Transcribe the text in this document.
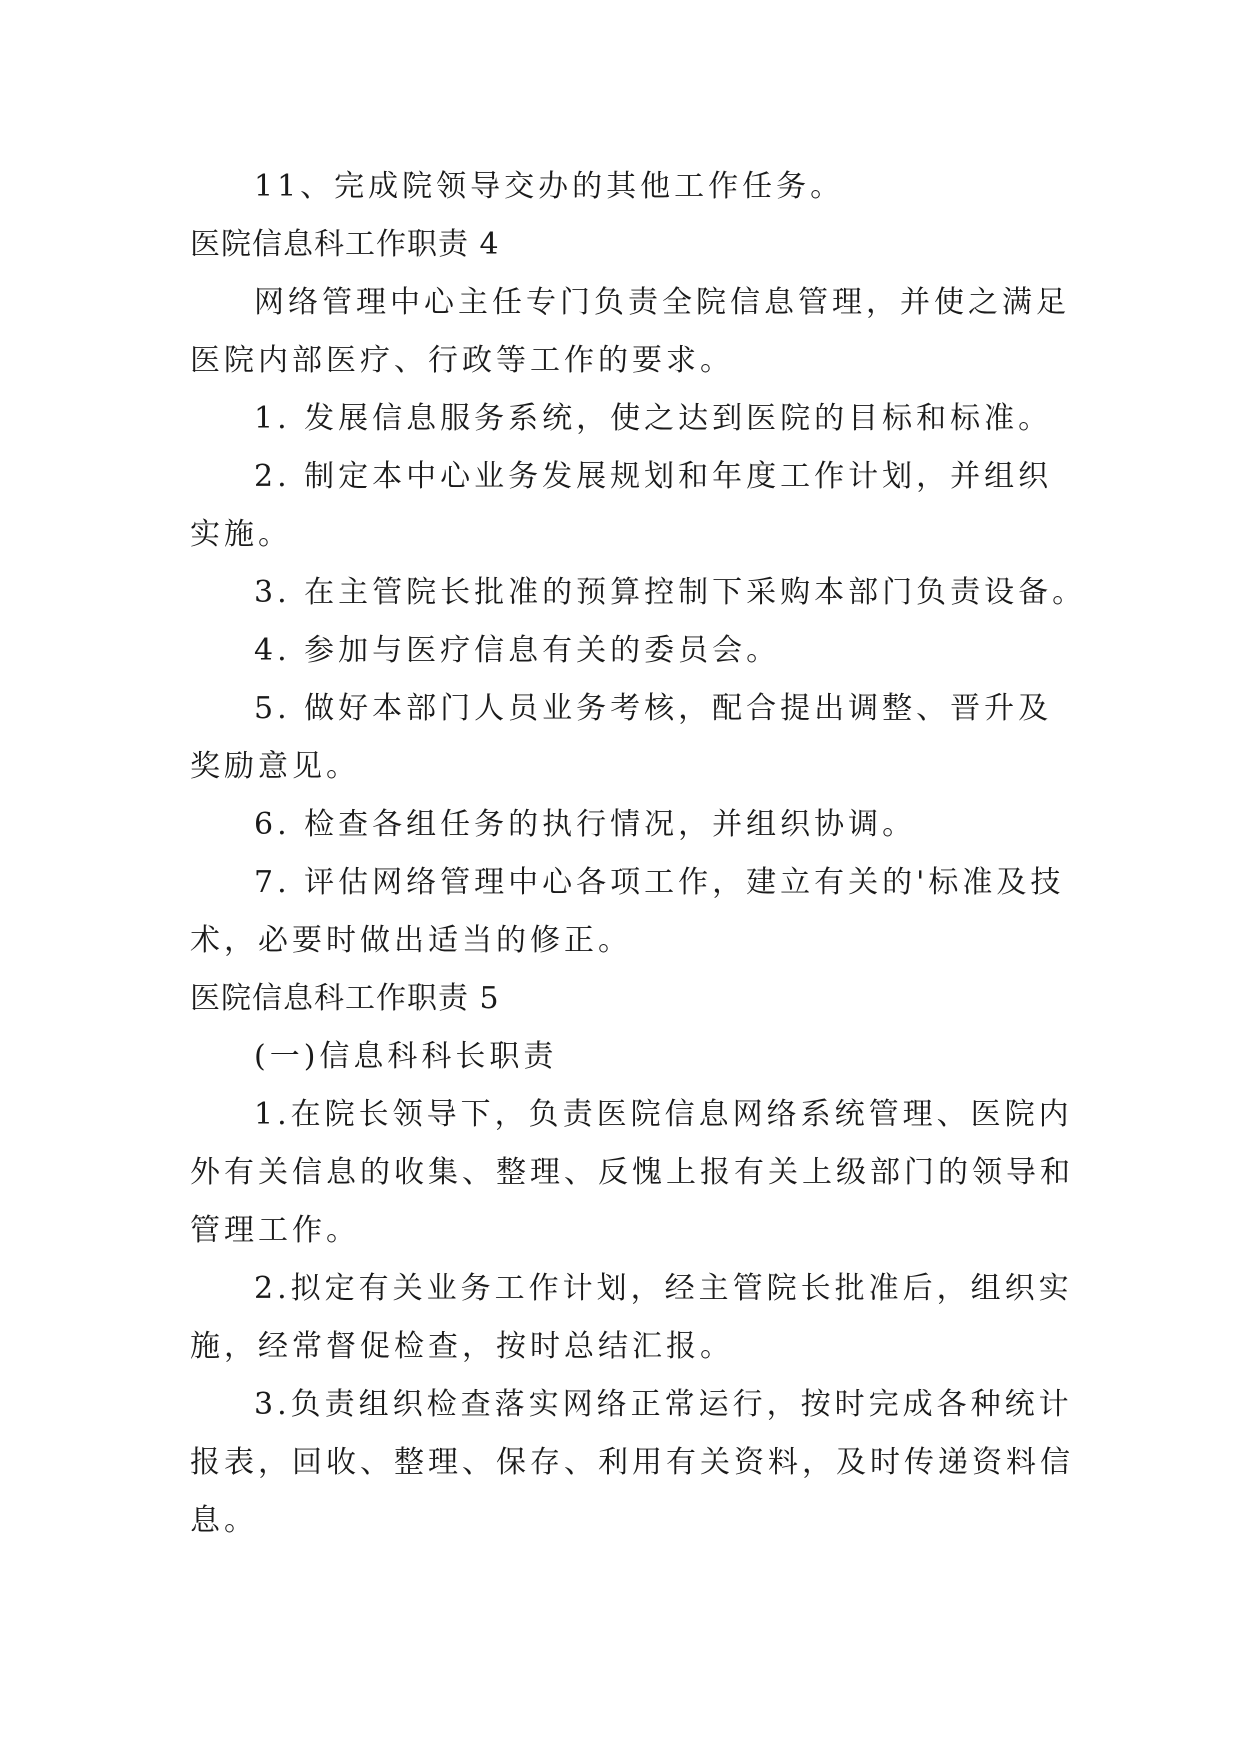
11、完成院领导交办的其他工作任务。

医院信息科工作职责 4

网络管理中心主任专门负责全院信息管理，并使之满足

医院内部医疗、行政等工作的要求。

1. 发展信息服务系统，使之达到医院的目标和标准。

2. 制定本中心业务发展规划和年度工作计划，并组织

实施。

3. 在主管院长批准的预算控制下采购本部门负责设备。

4. 参加与医疗信息有关的委员会。

5. 做好本部门人员业务考核，配合提出调整、晋升及

奖励意见。

6. 检查各组任务的执行情况，并组织协调。

7. 评估网络管理中心各项工作，建立有关的'标准及技

术，必要时做出适当的修正。

医院信息科工作职责 5

(一)信息科科长职责

1.在院长领导下，负责医院信息网络系统管理、医院内

外有关信息的收集、整理、反愧上报有关上级部门的领导和

管理工作。

2.拟定有关业务工作计划，经主管院长批准后，组织实

施，经常督促检查，按时总结汇报。

3.负责组织检查落实网络正常运行，按时完成各种统计

报表，回收、整理、保存、利用有关资料，及时传递资料信

息。
